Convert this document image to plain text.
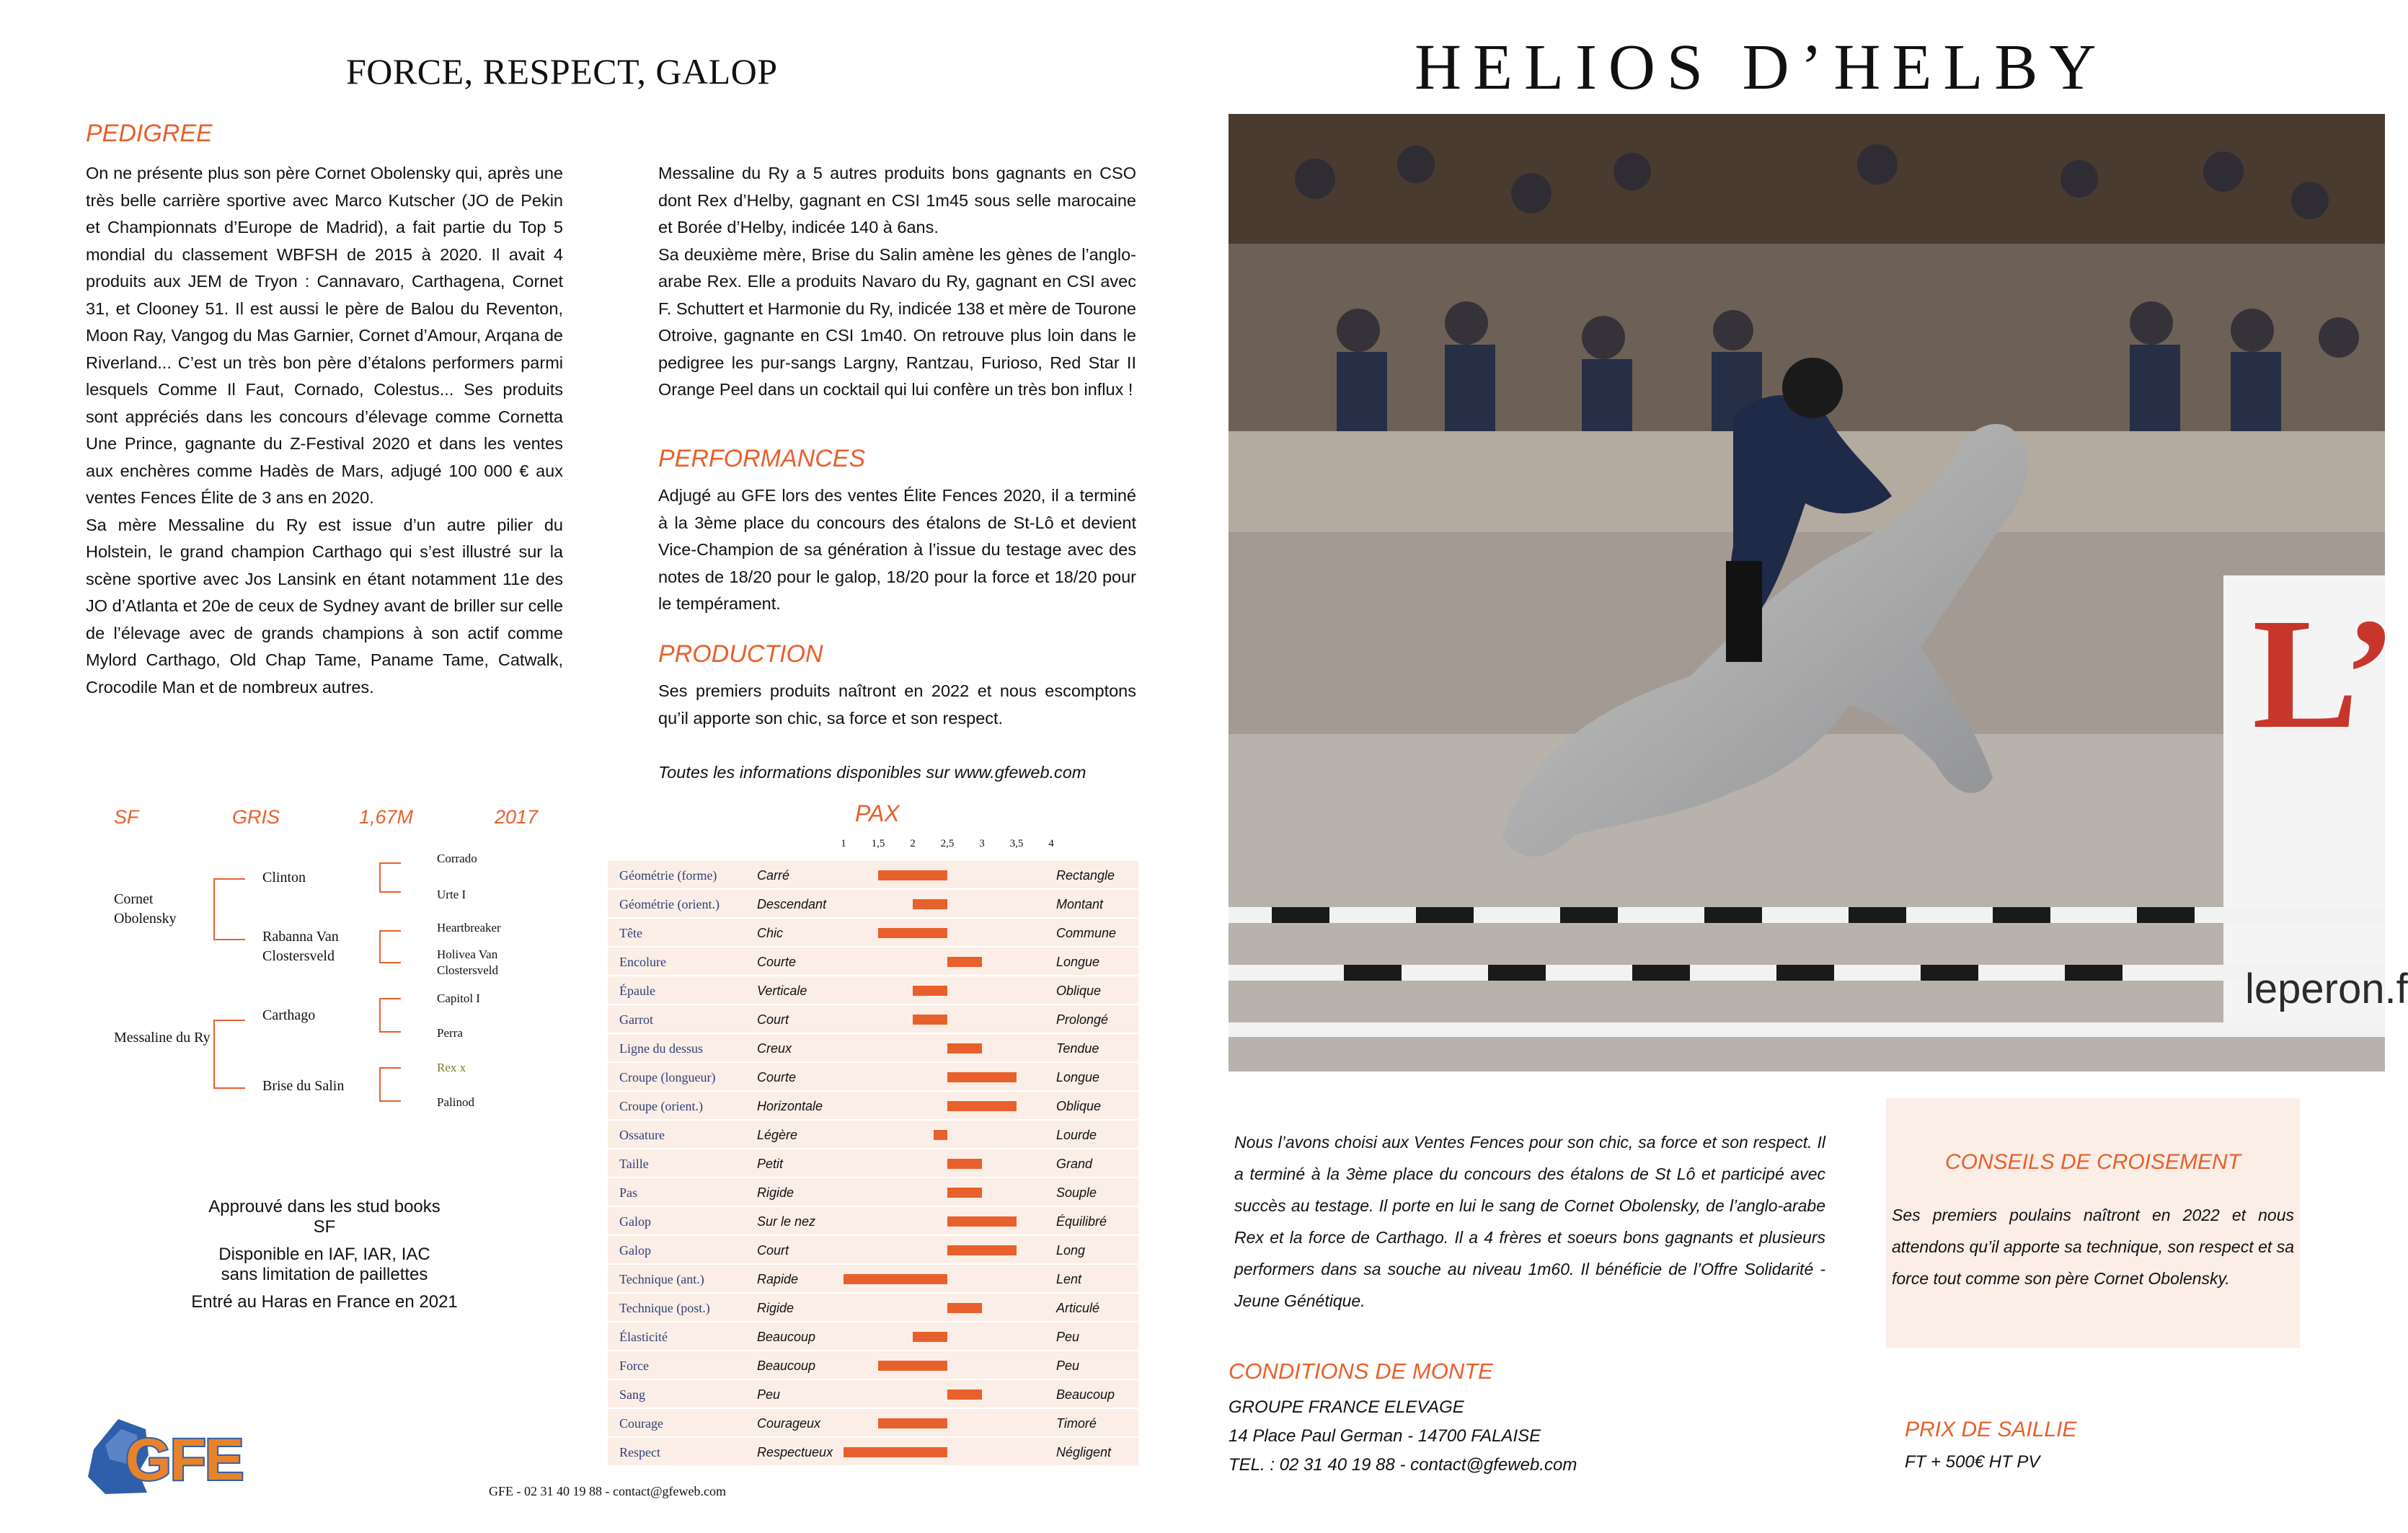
FORCE, RESPECT, GALOP
PEDIGREE

On ne présente plus son père Cornet Obolensky qui, après une très belle carrière sportive avec Marco Kutscher (JO de Pekin et Championnats d’Europe de Madrid), a fait partie du Top 5 mondial du classement WBFSH de 2015 à 2020. Il avait 4 produits aux JEM de Tryon : Cannavaro, Carthagena, Cornet 31, et Clooney 51. Il est aussi le père de Balou du Reventon, Moon Ray, Vangog du Mas Garnier, Cornet d’Amour, Arqana de Riverland... C’est un très bon père d’étalons performers parmi lesquels Comme Il Faut, Cornado, Colestus... Ses produits sont appréciés dans les concours d’élevage comme Cornetta Une Prince, gagnante du Z-Festival 2020 et dans les ventes aux enchères comme Hadès de Mars, adjugé 100 000 € aux ventes Fences Élite de 3 ans en 2020.

Sa mère Messaline du Ry est issue d’un autre pilier du Holstein, le grand champion Carthago qui s’est illustré sur la scène sportive avec Jos Lansink en étant notamment 11e des JO d’Atlanta et 20e de ceux de Sydney avant de briller sur celle de l’élevage avec de grands champions à son actif comme Mylord Carthago, Old Chap Tame, Paname Tame, Catwalk, Crocodile Man et de nombreux autres.

Messaline du Ry a 5 autres produits bons gagnants en CSO dont Rex d’Helby, gagnant en CSI 1m45 sous selle marocaine et Borée d’Helby, indicée 140 à 6ans.

Sa deuxième mère, Brise du Salin amène les gènes de l’anglo-arabe Rex. Elle a produits Navaro du Ry, gagnant en CSI avec F. Schuttert et Harmonie du Ry, indicée 138 et mère de Tourone Otroive, gagnante en CSI 1m40. On retrouve plus loin dans le pedigree les pur-sangs Largny, Rantzau, Furioso, Red Star II Orange Peel dans un cocktail qui lui confère un très bon influx !

PERFORMANCES
Adjugé au GFE lors des ventes Élite Fences 2020, il a terminé à la 3ème place du concours des étalons de St-Lô et devient Vice-Champion de sa génération à l’issue du testage avec des notes de 18/20 pour le galop, 18/20 pour la force et 18/20 pour le tempérament.
PRODUCTION
Ses premiers produits naîtront en 2022 et nous escomptons qu’il apporte son chic, sa force et son respect.
Toutes les informations disponibles sur www.gfeweb.com
SF	GRIS	1,67M	2017
Cornet Obolensky
Messaline du Ry
Clinton
Rabanna Van Clostersveld
Carthago
Brise du Salin
Corrado
Urte I
Heartbreaker
Holivea Van Clostersveld
Capitol I
Perra
Rex x
Palinod
Approuvé dans les stud books
SF
Disponible en IAF, IAR, IAC
sans limitation de paillettes
Entré au Haras en France en 2021
GFE	GFE - 02 31 40 19 88 - contact@gfeweb.com
PAX
1 1,5 2 2,5 3 3,5 4
Géométrie (forme)	Carré	Rectangle
Géométrie (orient.)	Descendant	Montant
Tête	Chic	Commune
Encolure	Courte	Longue
Épaule	Verticale	Oblique
Garrot	Court	Prolongé
Ligne du dessus	Creux	Tendue
Croupe (longueur)	Courte	Longue
Croupe (orient.)	Horizontale	Oblique
Ossature	Légère	Lourde
Taille	Petit	Grand
Pas	Rigide	Souple
Galop	Sur le nez	Équilibré
Galop	Court	Long
Technique (ant.)	Rapide	Lent
Technique (post.)	Rigide	Articulé
Élasticité	Beaucoup	Peu
Force	Beaucoup	Peu
Sang	Peu	Beaucoup
Courage	Courageux	Timoré
Respect	Respectueux	Négligent
HELIOS D’HELBY
L’
leperon.f
Nous l’avons choisi aux Ventes Fences pour son chic, sa force et son respect. Il a terminé à la 3ème place du concours des étalons de St Lô et participé avec succès au testage. Il porte en lui le sang de Cornet Obolensky, de l’anglo-arabe Rex et la force de Carthago. Il a 4 frères et soeurs bons gagnants et plusieurs performers dans sa souche au niveau 1m60. Il bénéficie de l’Offre Solidarité - Jeune Génétique.
CONSEILS DE CROISEMENT
Ses premiers poulains naîtront en 2022 et nous attendons qu’il apporte sa technique, son respect et sa force tout comme son père Cornet Obolensky.
CONDITIONS DE MONTE
GROUPE FRANCE ELEVAGE
14 Place Paul German - 14700 FALAISE
TEL. : 02 31 40 19 88 - contact@gfeweb.com
PRIX DE SAILLIE
FT + 500€ HT PV
